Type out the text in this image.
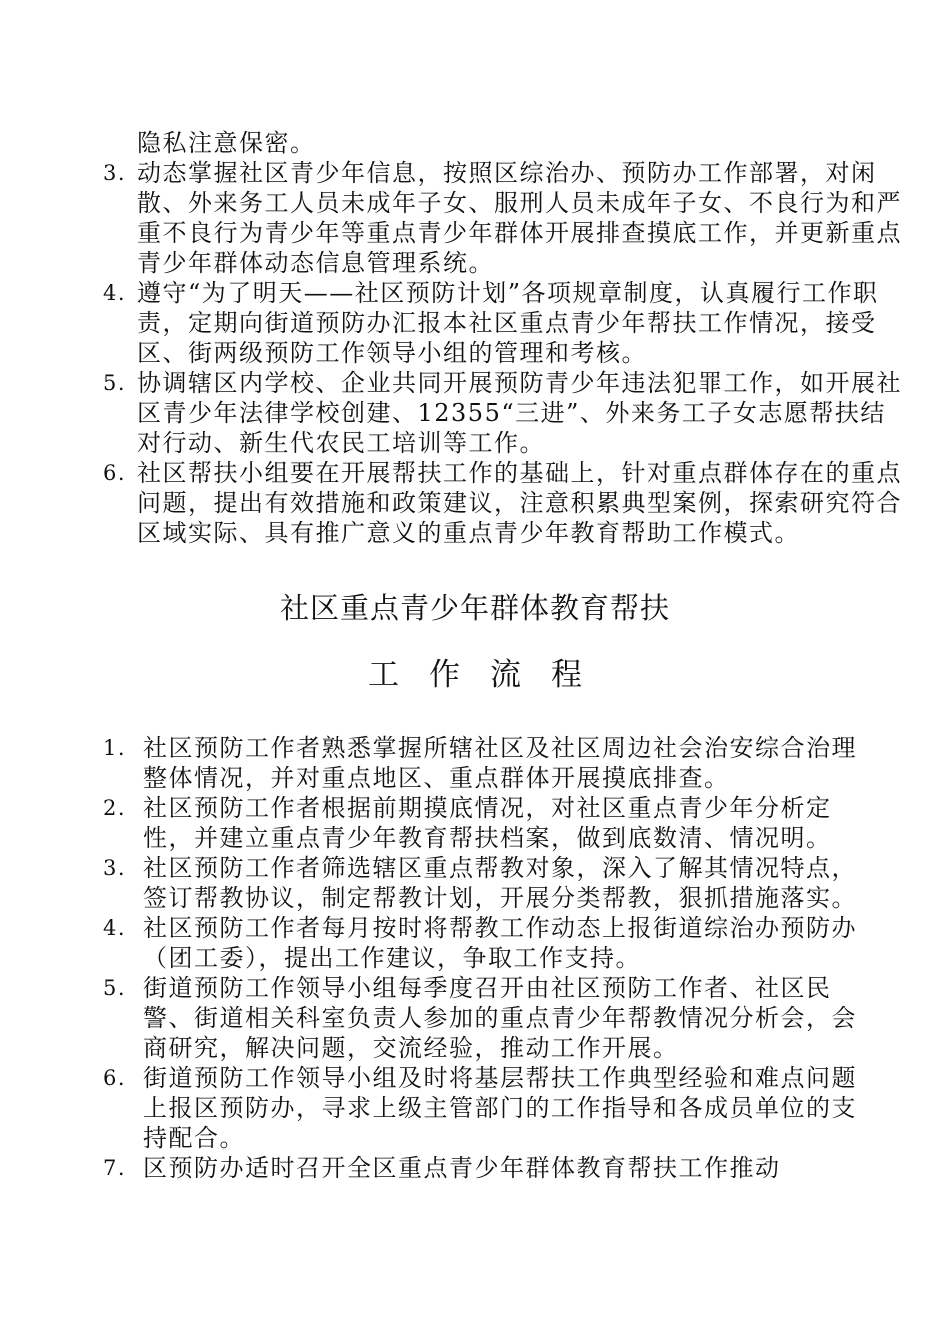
隐私注意保密。
3. 动态掌握社区青少年信息，按照区综治办、预防办工作部署，对闲散、外来务工人员未成年子女、服刑人员未成年子女、不良行为和严重不良行为青少年等重点青少年群体开展排查摸底工作，并更新重点青少年群体动态信息管理系统。
4. 遵守“为了明天——社区预防计划”各项规章制度，认真履行工作职责，定期向街道预防办汇报本社区重点青少年帮扶工作情况，接受区、街两级预防工作领导小组的管理和考核。
5. 协调辖区内学校、企业共同开展预防青少年违法犯罪工作，如开展社区青少年法律学校创建、12355“三进”、外来务工子女志愿帮扶结对行动、新生代农民工培训等工作。
6. 社区帮扶小组要在开展帮扶工作的基础上，针对重点群体存在的重点问题，提出有效措施和政策建议，注意积累典型案例，探索研究符合区域实际、具有推广意义的重点青少年教育帮助工作模式。
社区重点青少年群体教育帮扶
工作流程
1. 社区预防工作者熟悉掌握所辖社区及社区周边社会治安综合治理整体情况，并对重点地区、重点群体开展摸底排查。
2. 社区预防工作者根据前期摸底情况，对社区重点青少年分析定性，并建立重点青少年教育帮扶档案，做到底数清、情况明。
3. 社区预防工作者筛选辖区重点帮教对象，深入了解其情况特点，签订帮教协议，制定帮教计划，开展分类帮教，狠抓措施落实。
4. 社区预防工作者每月按时将帮教工作动态上报街道综治办预防办（团工委），提出工作建议，争取工作支持。
5. 街道预防工作领导小组每季度召开由社区预防工作者、社区民警、街道相关科室负责人参加的重点青少年帮教情况分析会，会商研究，解决问题，交流经验，推动工作开展。
6. 街道预防工作领导小组及时将基层帮扶工作典型经验和难点问题上报区预防办，寻求上级主管部门的工作指导和各成员单位的支持配合。
7. 区预防办适时召开全区重点青少年群体教育帮扶工作推动
